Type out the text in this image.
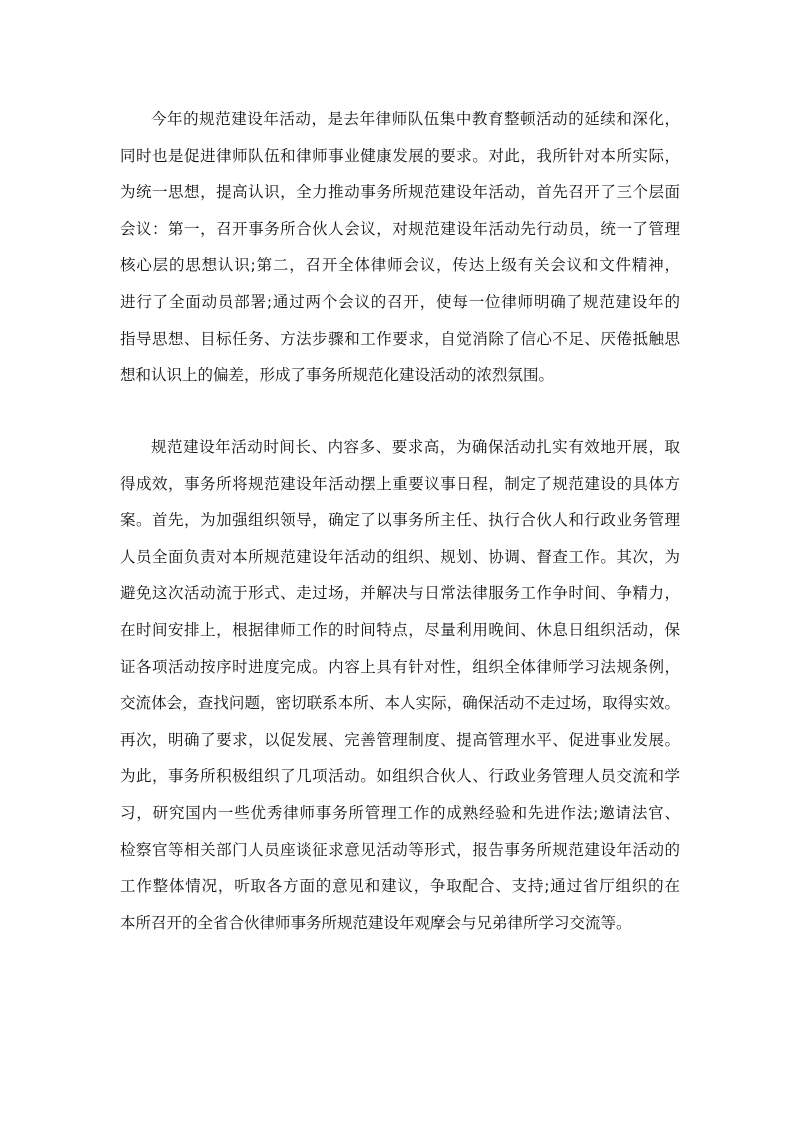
今年的规范建设年活动，是去年律师队伍集中教育整顿活动的延续和深化，
同时也是促进律师队伍和律师事业健康发展的要求。对此，我所针对本所实际，
为统一思想，提高认识，全力推动事务所规范建设年活动，首先召开了三个层面
会议：第一，召开事务所合伙人会议，对规范建设年活动先行动员，统一了管理
核心层的思想认识;第二，召开全体律师会议，传达上级有关会议和文件精神，
进行了全面动员部署;通过两个会议的召开，使每一位律师明确了规范建设年的
指导思想、目标任务、方法步骤和工作要求，自觉消除了信心不足、厌倦抵触思
想和认识上的偏差，形成了事务所规范化建设活动的浓烈氛围。
规范建设年活动时间长、内容多、要求高，为确保活动扎实有效地开展，取
得成效，事务所将规范建设年活动摆上重要议事日程，制定了规范建设的具体方
案。首先，为加强组织领导，确定了以事务所主任、执行合伙人和行政业务管理
人员全面负责对本所规范建设年活动的组织、规划、协调、督查工作。其次，为
避免这次活动流于形式、走过场，并解决与日常法律服务工作争时间、争精力，
在时间安排上，根据律师工作的时间特点，尽量利用晚间、休息日组织活动，保
证各项活动按序时进度完成。内容上具有针对性，组织全体律师学习法规条例，
交流体会，查找问题，密切联系本所、本人实际，确保活动不走过场，取得实效。
再次，明确了要求，以促发展、完善管理制度、提高管理水平、促进事业发展。
为此，事务所积极组织了几项活动。如组织合伙人、行政业务管理人员交流和学
习，研究国内一些优秀律师事务所管理工作的成熟经验和先进作法;邀请法官、
检察官等相关部门人员座谈征求意见活动等形式，报告事务所规范建设年活动的
工作整体情况，听取各方面的意见和建议，争取配合、支持;通过省厅组织的在
本所召开的全省合伙律师事务所规范建设年观摩会与兄弟律所学习交流等。
